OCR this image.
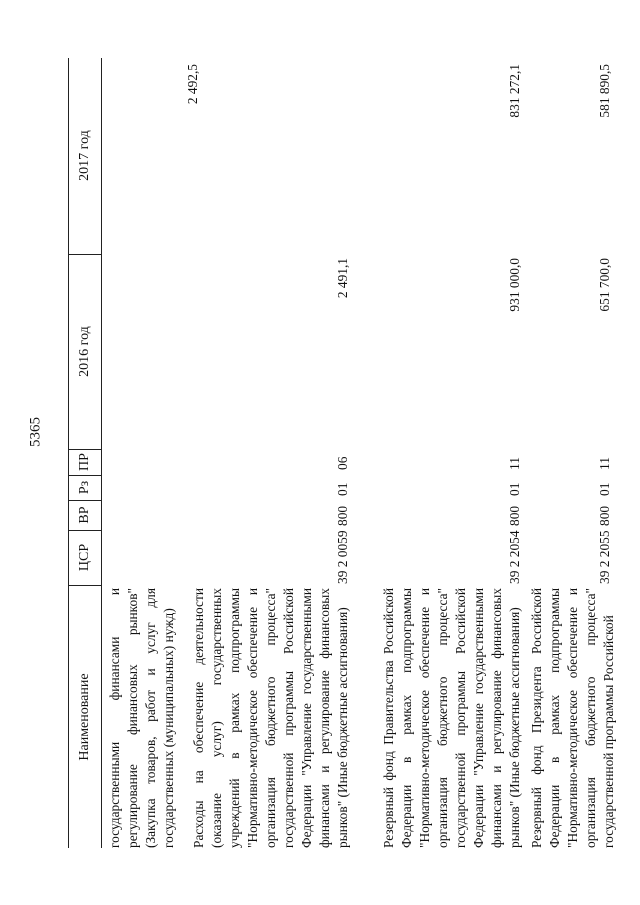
5365
Наименование
ЦСР
ВР
Рз
ПР
2016 год
2017 год
государственными финансами и регулирование финансовых рынков" (Закупка товаров, работ и услуг для государственных (муниципальных) нужд) Расходы на обеспечение деятельности (оказание услуг) государственных учреждений в рамках подпрограммы "Нормативно-методическое обеспечение и организация бюджетного процесса" государственной программы Российской Федерации "Управление государственными финансами и регулирование финансовых рынков" (Иные бюджетные ассигнования)
39 2 0059
800
01
06
2 491,1
2 492,5
Резервный фонд Правительства Российской Федерации в рамках подпрограммы "Нормативно-методическое обеспечение и организация бюджетного процесса" государственной программы Российской Федерации "Управление государственными финансами и регулирование финансовых рынков" (Иные бюджетные ассигнования)
39 2 2054
800
01
11
931 000,0
831 272,1
Резервный фонд Президента Российской Федерации в рамках подпрограммы "Нормативно-методическое обеспечение и организация бюджетного процесса" государственной программы Российской
39 2 2055
800
01
11
651 700,0
581 890,5
